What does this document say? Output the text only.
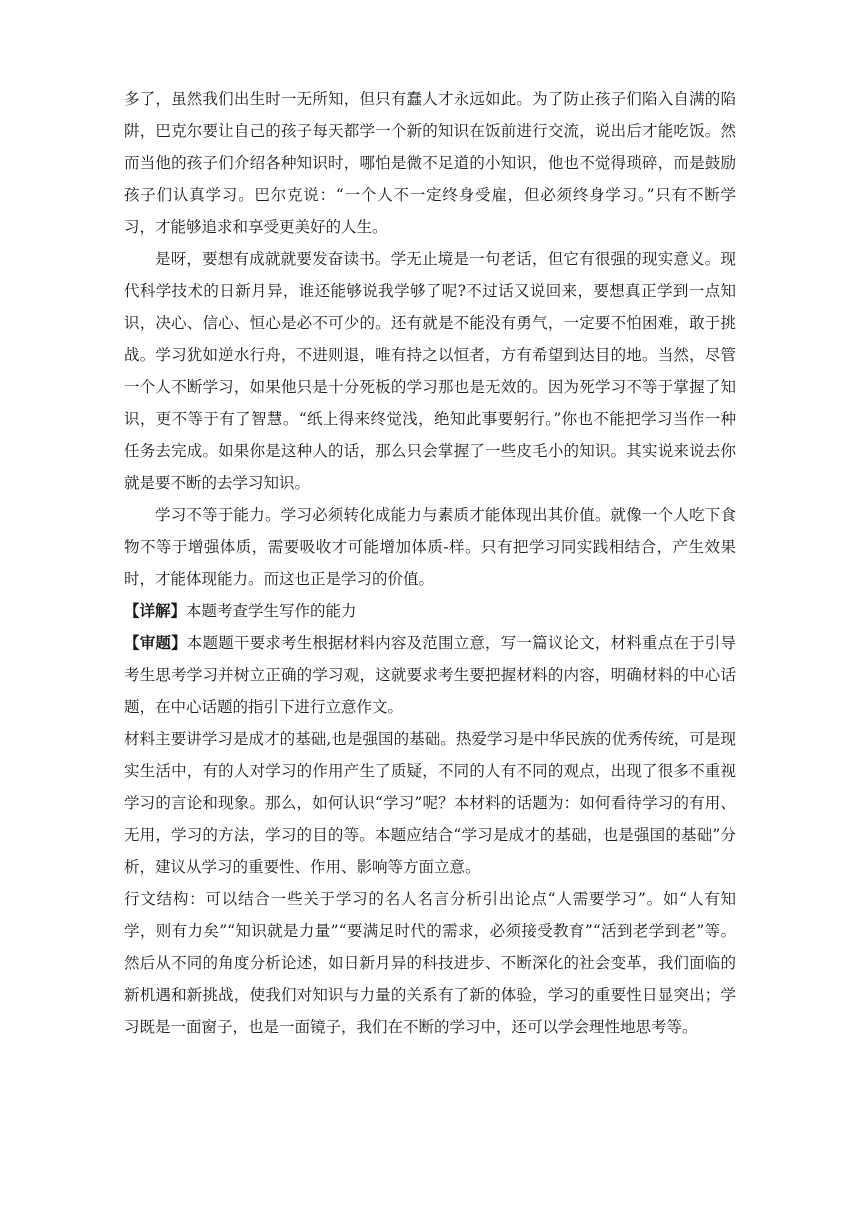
多了，虽然我们出生时一无所知，但只有蠢人才永远如此。为了防止孩子们陷入自满的陷阱，巴克尔要让自己的孩子每天都学一个新的知识在饭前进行交流，说出后才能吃饭。然而当他的孩子们介绍各种知识时，哪怕是微不足道的小知识，他也不觉得琐碎，而是鼓励孩子们认真学习。巴尔克说：“一个人不一定终身受雇，但必须终身学习。”只有不断学习，才能够追求和享受更美好的人生。

是呀，要想有成就就要发奋读书。学无止境是一句老话，但它有很强的现实意义。现代科学技术的日新月异，谁还能够说我学够了呢?不过话又说回来，要想真正学到一点知识，决心、信心、恒心是必不可少的。还有就是不能没有勇气，一定要不怕困难，敢于挑战。学习犹如逆水行舟，不进则退，唯有持之以恒者，方有希望到达目的地。当然，尽管一个人不断学习，如果他只是十分死板的学习那也是无效的。因为死学习不等于掌握了知识，更不等于有了智慧。“纸上得来终觉浅，绝知此事要躬行。”你也不能把学习当作一种任务去完成。如果你是这种人的话，那么只会掌握了一些皮毛小的知识。其实说来说去你就是要不断的去学习知识。

学习不等于能力。学习必须转化成能力与素质才能体现出其价值。就像一个人吃下食物不等于增强体质，需要吸收才可能增加体质-样。只有把学习同实践相结合，产生效果时，才能体现能力。而这也正是学习的价值。

【详解】本题考查学生写作的能力

【审题】本题题干要求考生根据材料内容及范围立意，写一篇议论文，材料重点在于引导考生思考学习并树立正确的学习观，这就要求考生要把握材料的内容，明确材料的中心话题，在中心话题的指引下进行立意作文。

材料主要讲学习是成才的基础,也是强国的基础。热爱学习是中华民族的优秀传统，可是现实生活中，有的人对学习的作用产生了质疑，不同的人有不同的观点，出现了很多不重视学习的言论和现象。那么，如何认识“学习”呢？本材料的话题为：如何看待学习的有用、无用，学习的方法，学习的目的等。本题应结合“学习是成才的基础，也是强国的基础”分析，建议从学习的重要性、作用、影响等方面立意。

行文结构：可以结合一些关于学习的名人名言分析引出论点“人需要学习”。如“人有知学，则有力矣”“知识就是力量”“要满足时代的需求，必须接受教育”“活到老学到老”等。然后从不同的角度分析论述，如日新月异的科技进步、不断深化的社会变革，我们面临的新机遇和新挑战，使我们对知识与力量的关系有了新的体验，学习的重要性日显突出；学习既是一面窗子，也是一面镜子，我们在不断的学习中，还可以学会理性地思考等。
